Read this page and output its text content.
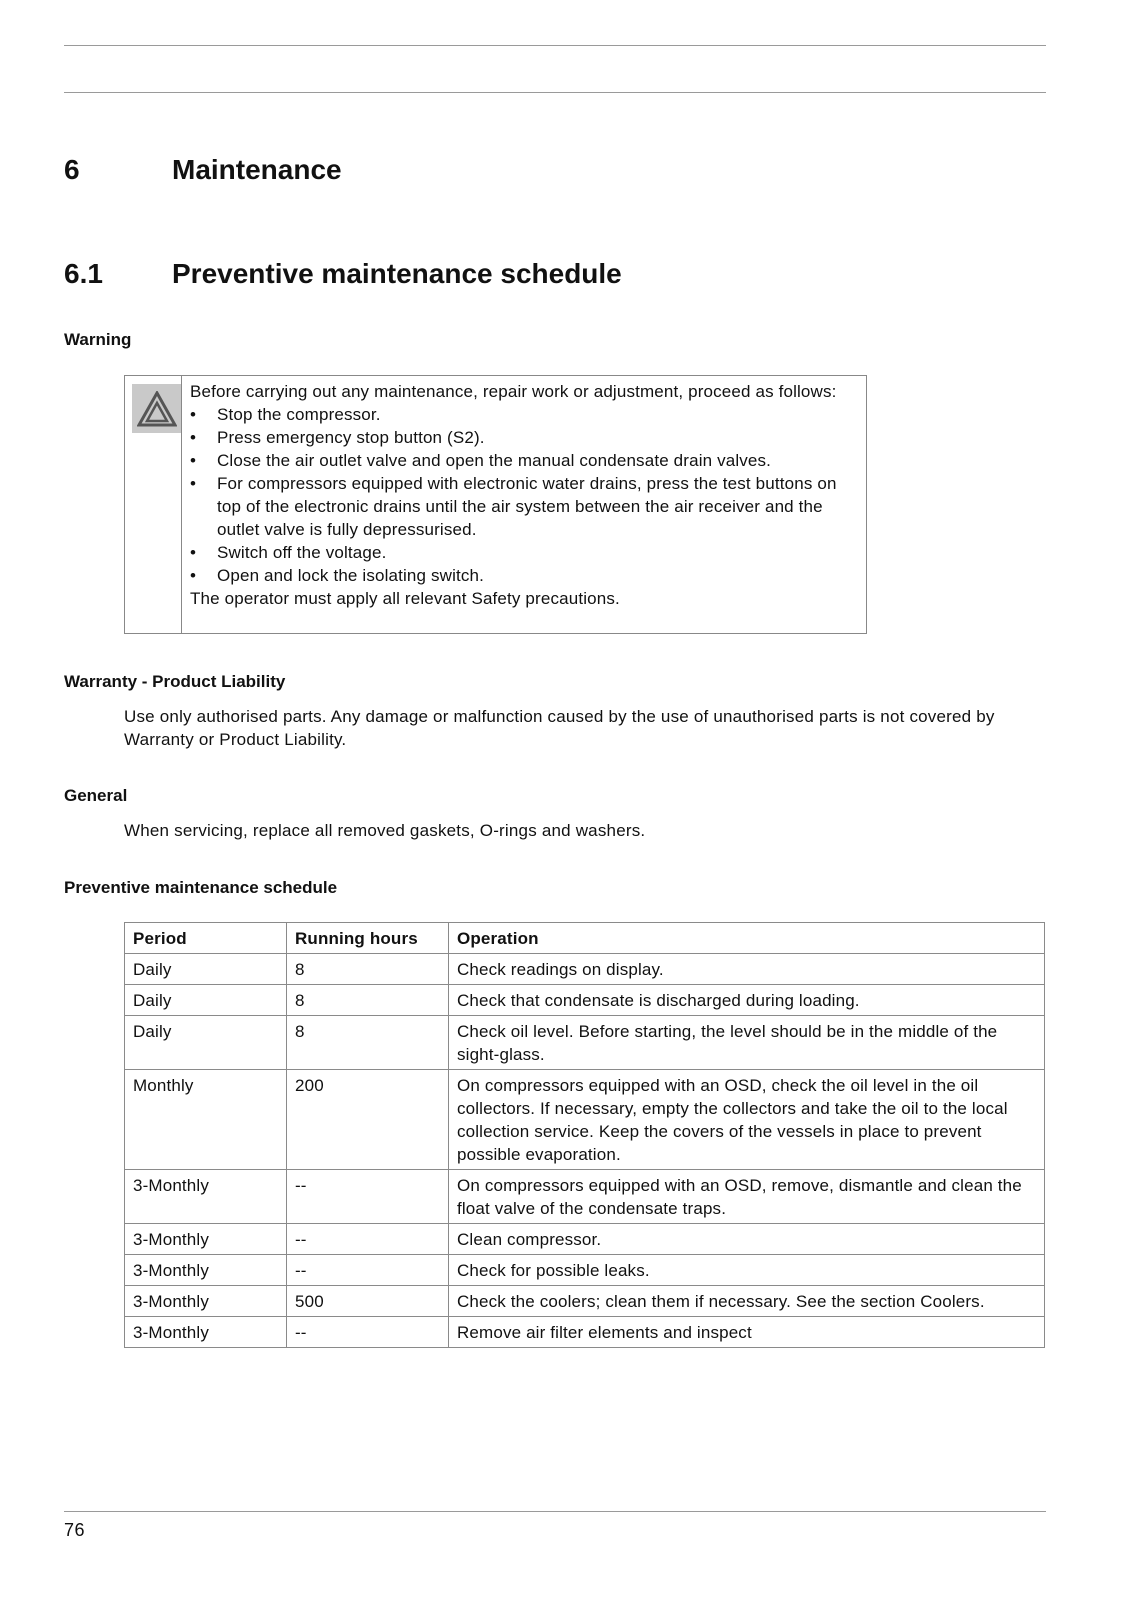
6	Maintenance
6.1 Preventive maintenance schedule
Warning
Before carrying out any maintenance, repair work or adjustment, proceed as follows:
• Stop the compressor.
• Press emergency stop button (S2).
• Close the air outlet valve and open the manual condensate drain valves.
• For compressors equipped with electronic water drains, press the test buttons on top of the electronic drains until the air system between the air receiver and the outlet valve is fully depressurised.
• Switch off the voltage.
• Open and lock the isolating switch.
The operator must apply all relevant Safety precautions.
Warranty - Product Liability
Use only authorised parts. Any damage or malfunction caused by the use of unauthorised parts is not covered by Warranty or Product Liability.
General
When servicing, replace all removed gaskets, O-rings and washers.
Preventive maintenance schedule
Period	Running hours	Operation
Daily	8	Check readings on display.
Daily	8	Check that condensate is discharged during loading.
Daily	8	Check oil level. Before starting, the level should be in the middle of the sight-glass.
Monthly	200	On compressors equipped with an OSD, check the oil level in the oil collectors. If necessary, empty the collectors and take the oil to the local collection service. Keep the covers of the vessels in place to prevent possible evaporation.
3-Monthly	--	On compressors equipped with an OSD, remove, dismantle and clean the float valve of the condensate traps.
3-Monthly	--	Clean compressor.
3-Monthly	--	Check for possible leaks.
3-Monthly	500	Check the coolers; clean them if necessary. See the section Coolers.
3-Monthly	--	Remove air filter elements and inspect
76
